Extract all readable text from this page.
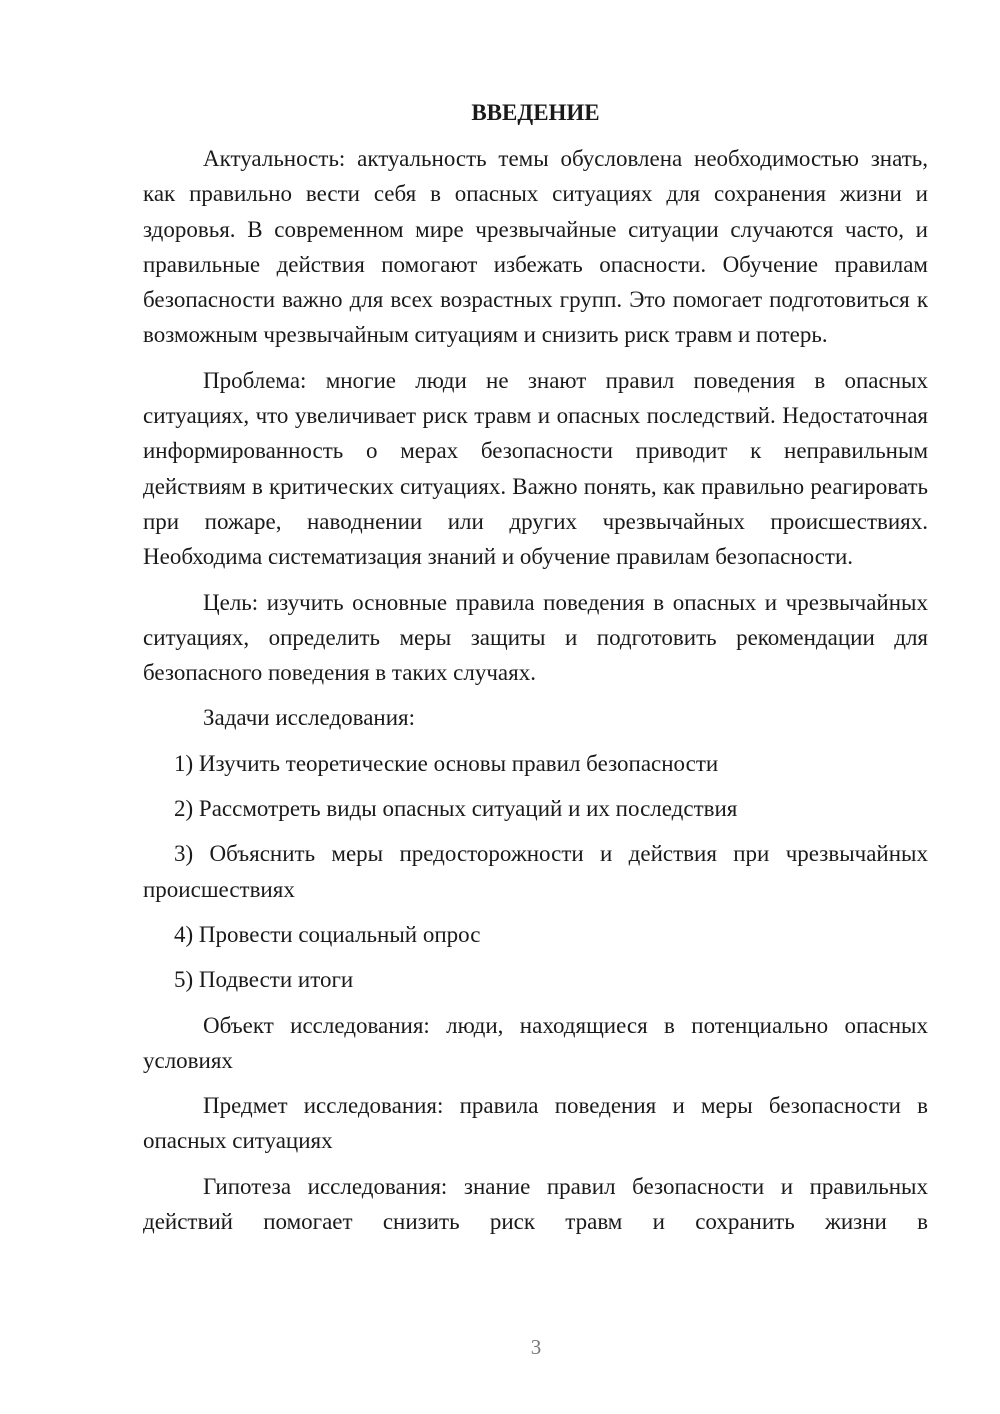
ВВЕДЕНИЕ

Актуальность: актуальность темы обусловлена необходимостью знать, как правильно вести себя в опасных ситуациях для сохранения жизни и здоровья. В современном мире чрезвычайные ситуации случаются часто, и правильные действия помогают избежать опасности. Обучение правилам безопасности важно для всех возрастных групп. Это помогает подготовиться к возможным чрезвычайным ситуациям и снизить риск травм и потерь.

Проблема: многие люди не знают правил поведения в опасных ситуациях, что увеличивает риск травм и опасных последствий. Недостаточная информированность о мерах безопасности приводит к неправильным действиям в критических ситуациях. Важно понять, как правильно реагировать при пожаре, наводнении или других чрезвычайных происшествиях. Необходима систематизация знаний и обучение правилам безопасности.

Цель: изучить основные правила поведения в опасных и чрезвычайных ситуациях, определить меры защиты и подготовить рекомендации для безопасного поведения в таких случаях.

Задачи исследования:

1) Изучить теоретические основы правил безопасности

2) Рассмотреть виды опасных ситуаций и их последствия

3) Объяснить меры предосторожности и действия при чрезвычайных происшествиях

4) Провести социальный опрос

5) Подвести итоги

Объект исследования: люди, находящиеся в потенциально опасных условиях

Предмет исследования: правила поведения и меры безопасности в опасных ситуациях

Гипотеза исследования: знание правил безопасности и правильных действий помогает снизить риск травм и сохранить жизни в

3
